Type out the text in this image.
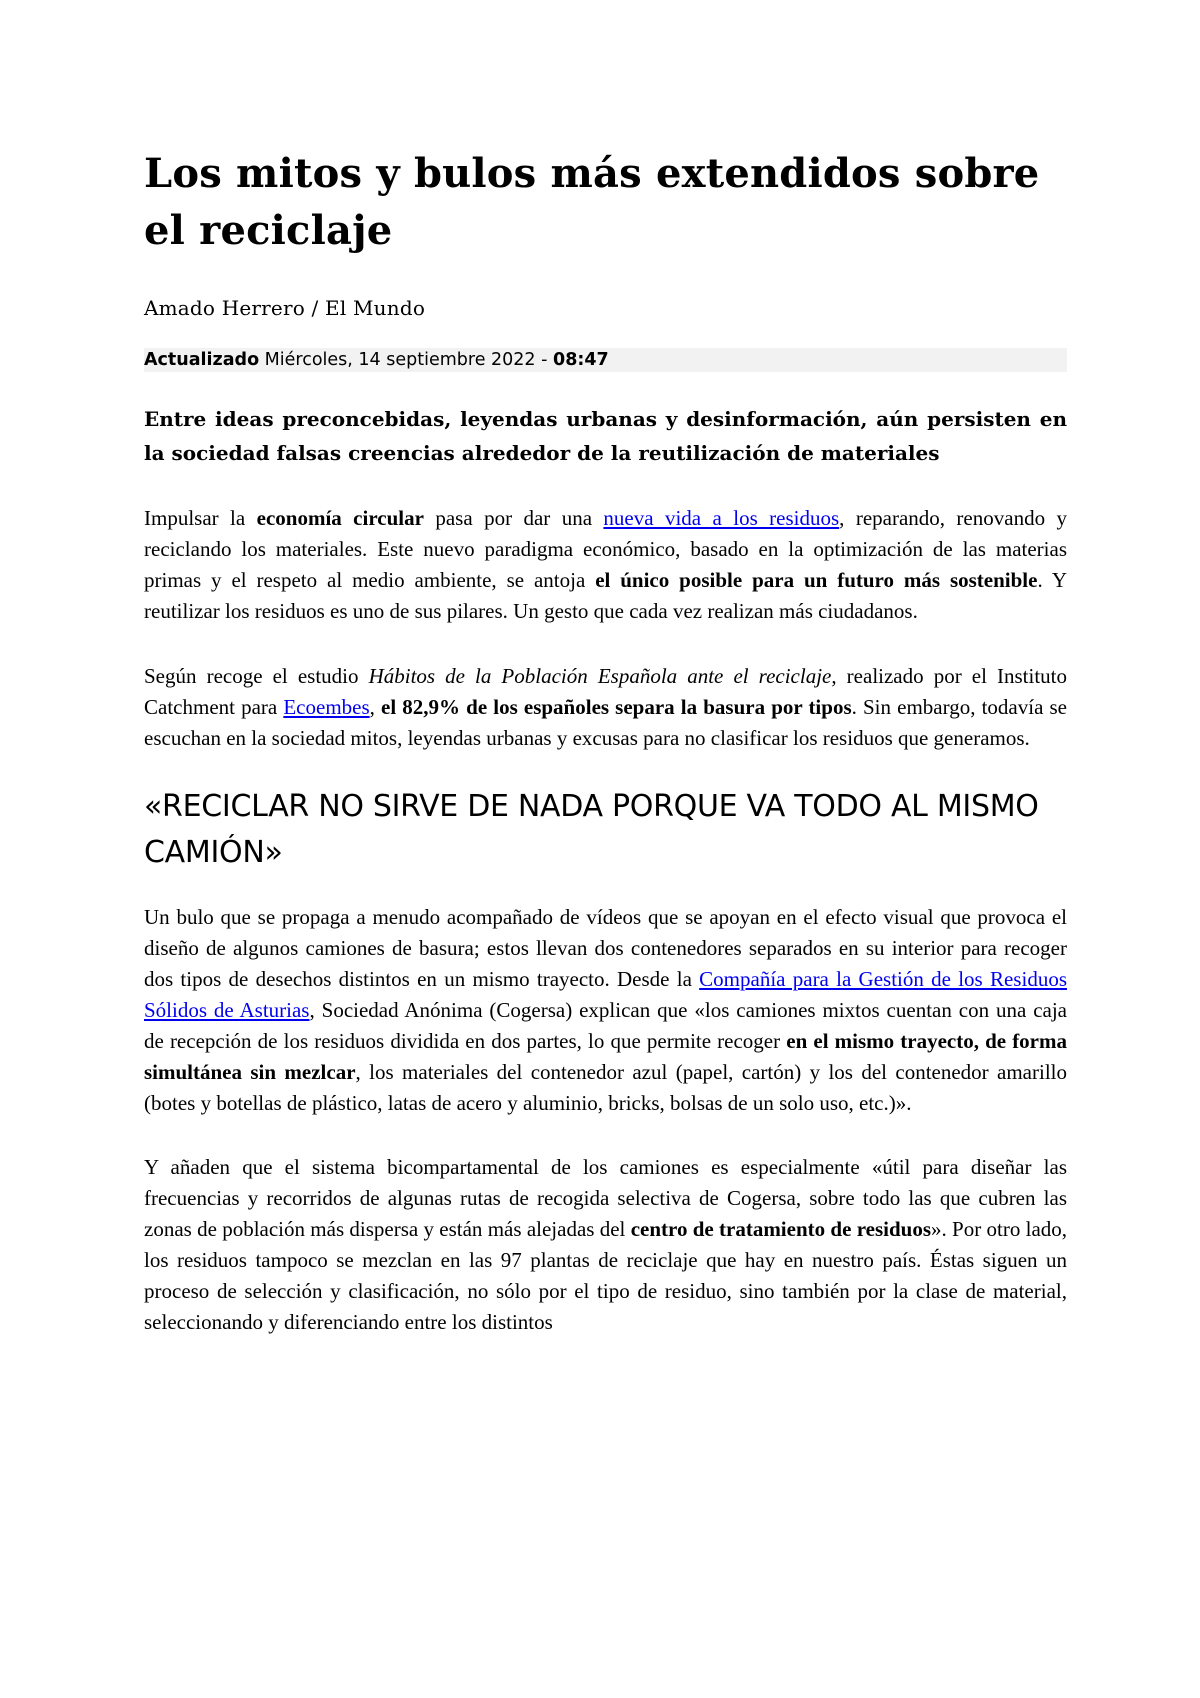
Los mitos y bulos más extendidos sobre el reciclaje
Amado Herrero / El Mundo
Actualizado Miércoles, 14 septiembre 2022 - 08:47
Entre ideas preconcebidas, leyendas urbanas y desinformación, aún persisten en la sociedad falsas creencias alrededor de la reutilización de materiales

Impulsar la economía circular pasa por dar una nueva vida a los residuos, reparando, renovando y reciclando los materiales. Este nuevo paradigma económico, basado en la optimización de las materias primas y el respeto al medio ambiente, se antoja el único posible para un futuro más sostenible. Y reutilizar los residuos es uno de sus pilares. Un gesto que cada vez realizan más ciudadanos.

Según recoge el estudio Hábitos de la Población Española ante el reciclaje, realizado por el Instituto Catchment para Ecoembes, el 82,9% de los españoles separa la basura por tipos. Sin embargo, todavía se escuchan en la sociedad mitos, leyendas urbanas y excusas para no clasificar los residuos que generamos.

«RECICLAR NO SIRVE DE NADA PORQUE VA TODO AL MISMO CAMIÓN»

Un bulo que se propaga a menudo acompañado de vídeos que se apoyan en el efecto visual que provoca el diseño de algunos camiones de basura; estos llevan dos contenedores separados en su interior para recoger dos tipos de desechos distintos en un mismo trayecto. Desde la Compañía para la Gestión de los Residuos Sólidos de Asturias, Sociedad Anónima (Cogersa) explican que «los camiones mixtos cuentan con una caja de recepción de los residuos dividida en dos partes, lo que permite recoger en el mismo trayecto, de forma simultánea sin mezlcar, los materiales del contenedor azul (papel, cartón) y los del contenedor amarillo (botes y botellas de plástico, latas de acero y aluminio, bricks, bolsas de un solo uso, etc.)».

Y añaden que el sistema bicompartamental de los camiones es especialmente «útil para diseñar las frecuencias y recorridos de algunas rutas de recogida selectiva de Cogersa, sobre todo las que cubren las zonas de población más dispersa y están más alejadas del centro de tratamiento de residuos». Por otro lado, los residuos tampoco se mezclan en las 97 plantas de reciclaje que hay en nuestro país. Éstas siguen un proceso de selección y clasificación, no sólo por el tipo de residuo, sino también por la clase de material, seleccionando y diferenciando entre los distintos
